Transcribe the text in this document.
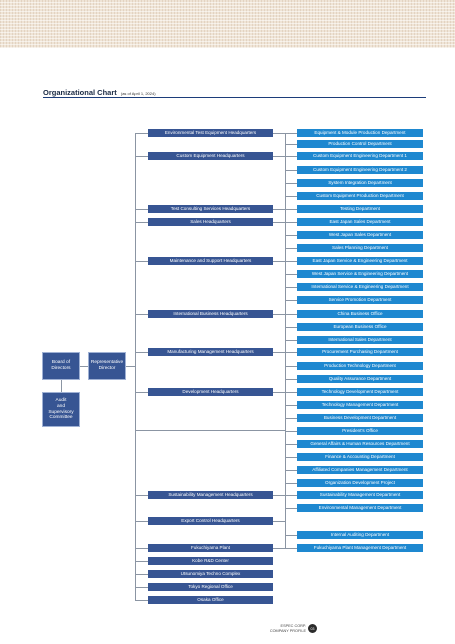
Organizational Chart (as of April 1, 2024)
Board of
Directors
Representative
Director
Audit
and
Supervisory
Committee
Environmental Test Equipment Headquarters
Custom Equipment Headquarters
Test Consulting Services Headquarters
Sales Headquarters
Maintenance and Support Headquarters
International Business Headquarters
Manufacturing Management Headquarters
Development Headquarters
Sustainability Management Headquarters
Export Control Headquarters
Fukuchiyama Plant
Kobe R&D Center
Utsunomiya Techno Complex
Tokyo Regional Office
Osaka Office
Equipment & Module Production Department
Production Control Department
Custom Equipment Engineering Department 1
Custom Equipment Engineering Department 2
System Integration Department
Custom Equipment Production Department
Testing Department
East Japan Sales Department
West Japan Sales Department
Sales Planning Department
East Japan Service & Engineering Department
West Japan Service & Engineering Department
International Service & Engineering Department
Service Promotion Department
China Business Office
European Business Office
International Sales Department
Procurement Purchasing Department
Production Technology Department
Quality Assurance Department
Technology Development Department
Technology Management Department
Business Development Department
President's Office
General Affairs & Human Resources Department
Finance & Accounting Department
Affiliated Companies Management Department
Organization Development Project
Sustainability Management Department
Environmental Management Department
Internal Auditing Department
Fukuchiyama Plant Management Department
ESPEC CORP.
COMPANY PROFILE
03
